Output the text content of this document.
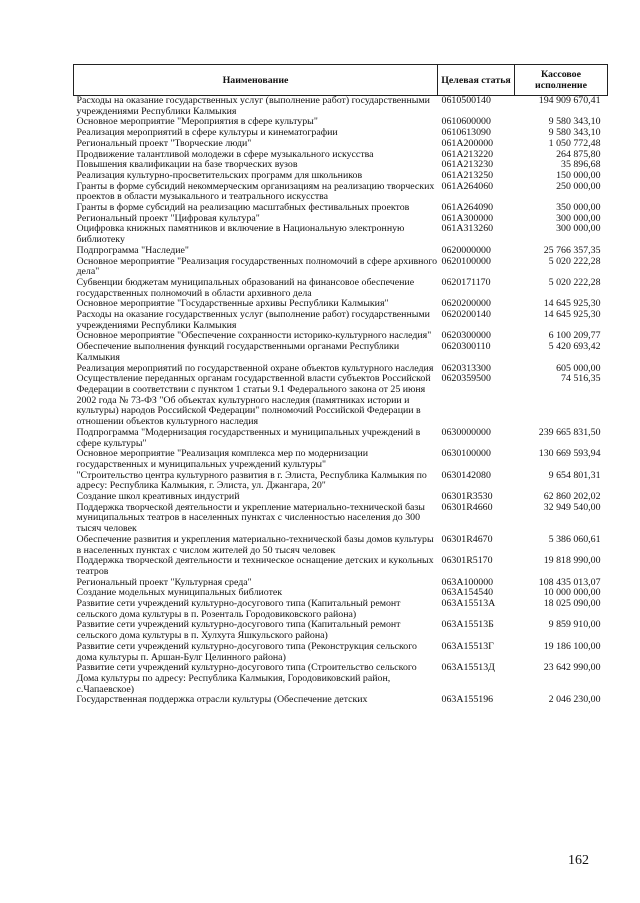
Наименование	Целевая статья	Кассовое исполнение
Расходы на оказание государственных услуг (выполнение работ) государственными учреждениями Республики Калмыкия	0610500140	194 909 670,41
Основное мероприятие "Мероприятия в сфере культуры"	0610600000	9 580 343,10
Реализация мероприятий в сфере культуры и кинематографии	0610613090	9 580 343,10
Региональный проект "Творческие люди"	061A200000	1 050 772,48
Продвижение талантливой молодежи в сфере музыкального искусства	061A213220	264 875,80
Повышения квалификации на базе творческих вузов	061A213230	35 896,68
Реализация культурно-просветительских программ для школьников	061A213250	150 000,00
Гранты в форме субсидий некоммерческим организациям на реализацию творческих проектов в области музыкального и театрального искусства	061A264060	250 000,00
Гранты в форме субсидий на реализацию масштабных фестивальных проектов	061A264090	350 000,00
Региональный проект "Цифровая культура"	061A300000	300 000,00
Оцифровка книжных памятников и включение в Национальную электронную библиотеку	061A313260	300 000,00
Подпрограмма "Наследие"	0620000000	25 766 357,35
Основное мероприятие "Реализация государственных полномочий в сфере архивного дела"	0620100000	5 020 222,28
Субвенции бюджетам муниципальных образований на финансовое обеспечение государственных полномочий в области архивного дела	0620171170	5 020 222,28
Основное мероприятие "Государственные архивы Республики Калмыкия"	0620200000	14 645 925,30
Расходы на оказание государственных услуг (выполнение работ) государственными учреждениями Республики Калмыкия	0620200140	14 645 925,30
Основное мероприятие "Обеспечение сохранности историко-культурного наследия"	0620300000	6 100 209,77
Обеспечение выполнения функций государственными органами Республики Калмыкия	0620300110	5 420 693,42
Реализация мероприятий по государственной охране объектов культурного наследия	0620313300	605 000,00
Осуществление переданных органам государственной власти субъектов Российской Федерации в соответствии с пунктом 1 статьи 9.1 Федерального закона от 25 июня 2002 года № 73-ФЗ "Об объектах культурного наследия (памятниках истории и культуры) народов Российской Федерации" полномочий Российской Федерации в отношении объектов культурного наследия	0620359500	74 516,35
Подпрограмма "Модернизация государственных и муниципальных учреждений в сфере культуры"	0630000000	239 665 831,50
Основное мероприятие "Реализация комплекса мер по модернизации государственных и муниципальных учреждений культуры"	0630100000	130 669 593,94
"Строительство центра культурного развития в г. Элиста, Республика Калмыкия по адресу: Республика Калмыкия, г. Элиста, ул. Джангара, 20"	0630142080	9 654 801,31
Создание школ креативных индустрий	06301R3530	62 860 202,02
Поддержка творческой деятельности и укрепление материально-технической базы муниципальных театров в населенных пунктах с численностью населения до 300 тысяч человек	06301R4660	32 949 540,00
Обеспечение развития и укрепления материально-технической базы домов культуры в населенных пунктах с числом жителей до 50 тысяч человек	06301R4670	5 386 060,61
Поддержка творческой деятельности и техническое оснащение детских и кукольных театров	06301R5170	19 818 990,00
Региональный проект "Культурная среда"	063A100000	108 435 013,07
Создание модельных муниципальных библиотек	063A154540	10 000 000,00
Развитие сети учреждений культурно-досугового типа (Капитальный ремонт сельского дома культуры в п. Розенталь Городовиковского района)	063A15513A	18 025 090,00
Развитие сети учреждений культурно-досугового типа (Капитальный ремонт сельского дома культуры в п. Хулхута Яшкульского района)	063A15513Б	9 859 910,00
Развитие сети учреждений культурно-досугового типа (Реконструкция сельского дома культуры п. Аршан-Булг Целинного района)	063A15513Г	19 186 100,00
Развитие сети учреждений культурно-досугового типа (Строительство сельского Дома культуры по адресу: Республика Калмыкия, Городовиковский район, с.Чапаевское)	063A15513Д	23 642 990,00
Государственная поддержка отрасли культуры (Обеспечение детских	063A155196	2 046 230,00
162
